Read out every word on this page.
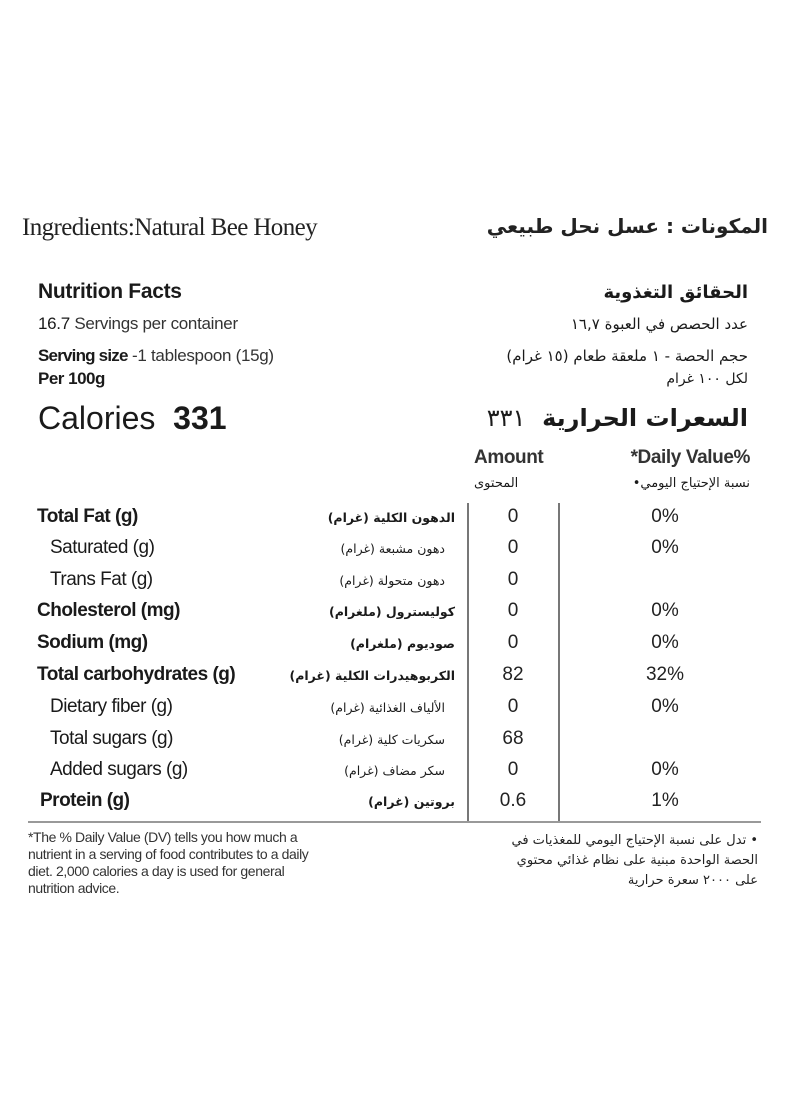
Ingredients:Natural Bee Honey	المكونات : عسل نحل طبيعي
Nutrition Facts	الحقائق التغذوية
16.7 Servings per container	عدد الحصص في العبوة ١٦,٧
Serving size -1 tablespoon (15g)	حجم الحصة - ١ ملعقة طعام (١٥ غرام)
Per 100g	لكل ١٠٠ غرام
Calories 331	السعرات الحرارية  ٣٣١
Amount
المحتوى
*Daily Value%
نسبة الإحتياج اليومي•
Total Fat (g)	الدهون الكلية (غرام)	0	0%
Saturated (g)	دهون مشبعة (غرام)	0	0%
Trans Fat (g)	دهون متحولة (غرام)	0
Cholesterol (mg)	كوليسترول (ملغرام)	0	0%
Sodium (mg)	صوديوم (ملغرام)	0	0%
Total carbohydrates (g)	الكربوهيدرات الكلية (غرام)	82	32%
Dietary fiber (g)	الألياف الغذائية (غرام)	0	0%
Total sugars (g)	سكريات كلية (غرام)	68
Added sugars (g)	سكر مضاف (غرام)	0	0%
Protein (g)	بروتين (غرام)	0.6	1%
*The % Daily Value (DV) tells you how much a
nutrient in a serving of food contributes to a daily
diet. 2,000 calories a day is used for general
nutrition advice.
• تدل على نسبة الإحتياج اليومي للمغذيات في
الحصة الواحدة مبنية على نظام غذائي محتوي
على ٢٠٠٠ سعرة حرارية
